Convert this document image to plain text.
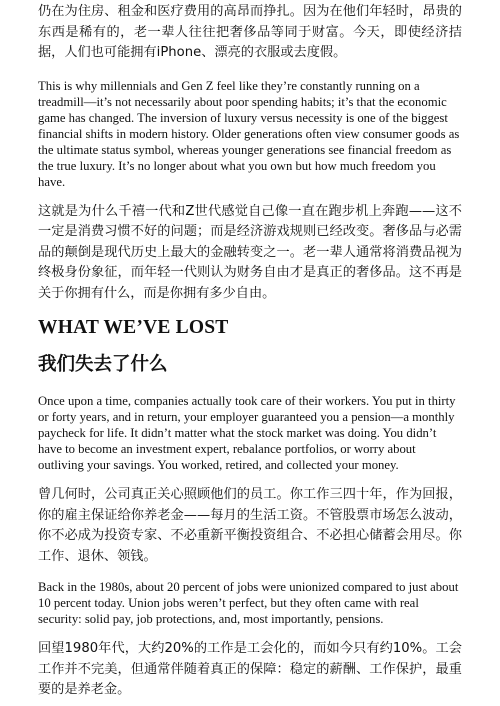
仍在为住房、租金和医疗费用的高昂而挣扎。因为在他们年轻时，昂贵的东西是稀有的，老一辈人往往把奢侈品等同于财富。今天，即使经济拮据，人们也可能拥有iPhone、漂亮的衣服或去度假。

This is why millennials and Gen Z feel like they’re constantly running on a treadmill—it’s not necessarily about poor spending habits; it’s that the economic game has changed. The inversion of luxury versus necessity is one of the biggest financial shifts in modern history. Older generations often view consumer goods as the ultimate status symbol, whereas younger generations see financial freedom as the true luxury. It’s no longer about what you own but how much freedom you have.

这就是为什么千禧一代和Z世代感觉自己像一直在跑步机上奔跑——这不一定是消费习惯不好的问题；而是经济游戏规则已经改变。奢侈品与必需品的颠倒是现代历史上最大的金融转变之一。老一辈人通常将消费品视为终极身份象征，而年轻一代则认为财务自由才是真正的奢侈品。这不再是关于你拥有什么，而是你拥有多少自由。

WHAT WE’VE LOST
我们失去了什么

Once upon a time, companies actually took care of their workers. You put in thirty or forty years, and in return, your employer guaranteed you a pension—a monthly paycheck for life. It didn’t matter what the stock market was doing. You didn’t have to become an investment expert, rebalance portfolios, or worry about outliving your savings. You worked, retired, and collected your money.

曾几何时，公司真正关心照顾他们的员工。你工作三四十年，作为回报，你的雇主保证给你养老金——每月的生活工资。不管股票市场怎么波动，你不必成为投资专家、不必重新平衡投资组合、不必担心储蓄会用尽。你工作、退休、领钱。

Back in the 1980s, about 20 percent of jobs were unionized compared to just about 10 percent today. Union jobs weren’t perfect, but they often came with real security: solid pay, job protections, and, most importantly, pensions.

回望1980年代，大约20%的工作是工会化的，而如今只有约10%。工会工作并不完美，但通常伴随着真正的保障：稳定的薪酬、工作保护，最重要的是养老金。
